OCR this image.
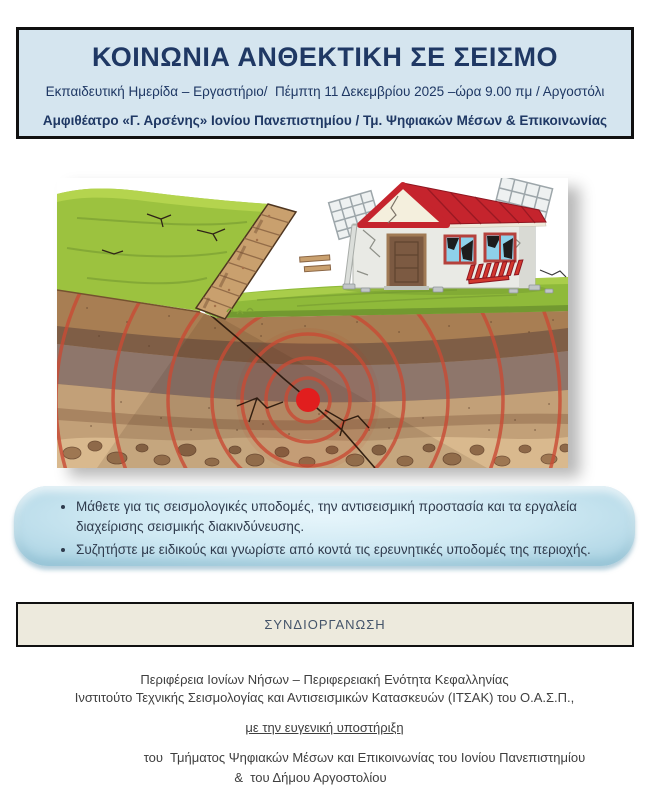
ΚΟΙΝΩΝΙΑ ΑΝΘΕΚΤΙΚΗ ΣΕ ΣΕΙΣΜΟ
Εκπαιδευτική Ημερίδα – Εργαστήριο/  Πέμπτη 11 Δεκεμβρίου 2025 –ώρα 9.00 πμ / Αργοστόλι
Αμφιθέατρο «Γ. Αρσένης» Ιονίου Πανεπιστημίου / Τμ. Ψηφιακών Μέσων & Επικοινωνίας
• Μάθετε για τις σεισμολογικές υποδομές, την αντισεισμική προστασία και τα εργαλεία διαχείρισης σεισμικής διακινδύνευσης.
• Συζητήστε με ειδικούς και γνωρίστε από κοντά τις ερευνητικές υποδομές της περιοχής.
ΣΥΝΔΙΟΡΓΑΝΩΣΗ
Περιφέρεια Ιονίων Νήσων – Περιφερειακή Ενότητα Κεφαλληνίας
Ινστιτούτο Τεχνικής Σεισμολογίας και Αντισεισμικών Κατασκευών (ΙΤΣΑΚ) του Ο.Α.Σ.Π.,
με την ευγενική υποστήριξη
του  Τμήματος Ψηφιακών Μέσων και Επικοινωνίας του Ιονίου Πανεπιστημίου
&  του Δήμου Αργοστολίου
